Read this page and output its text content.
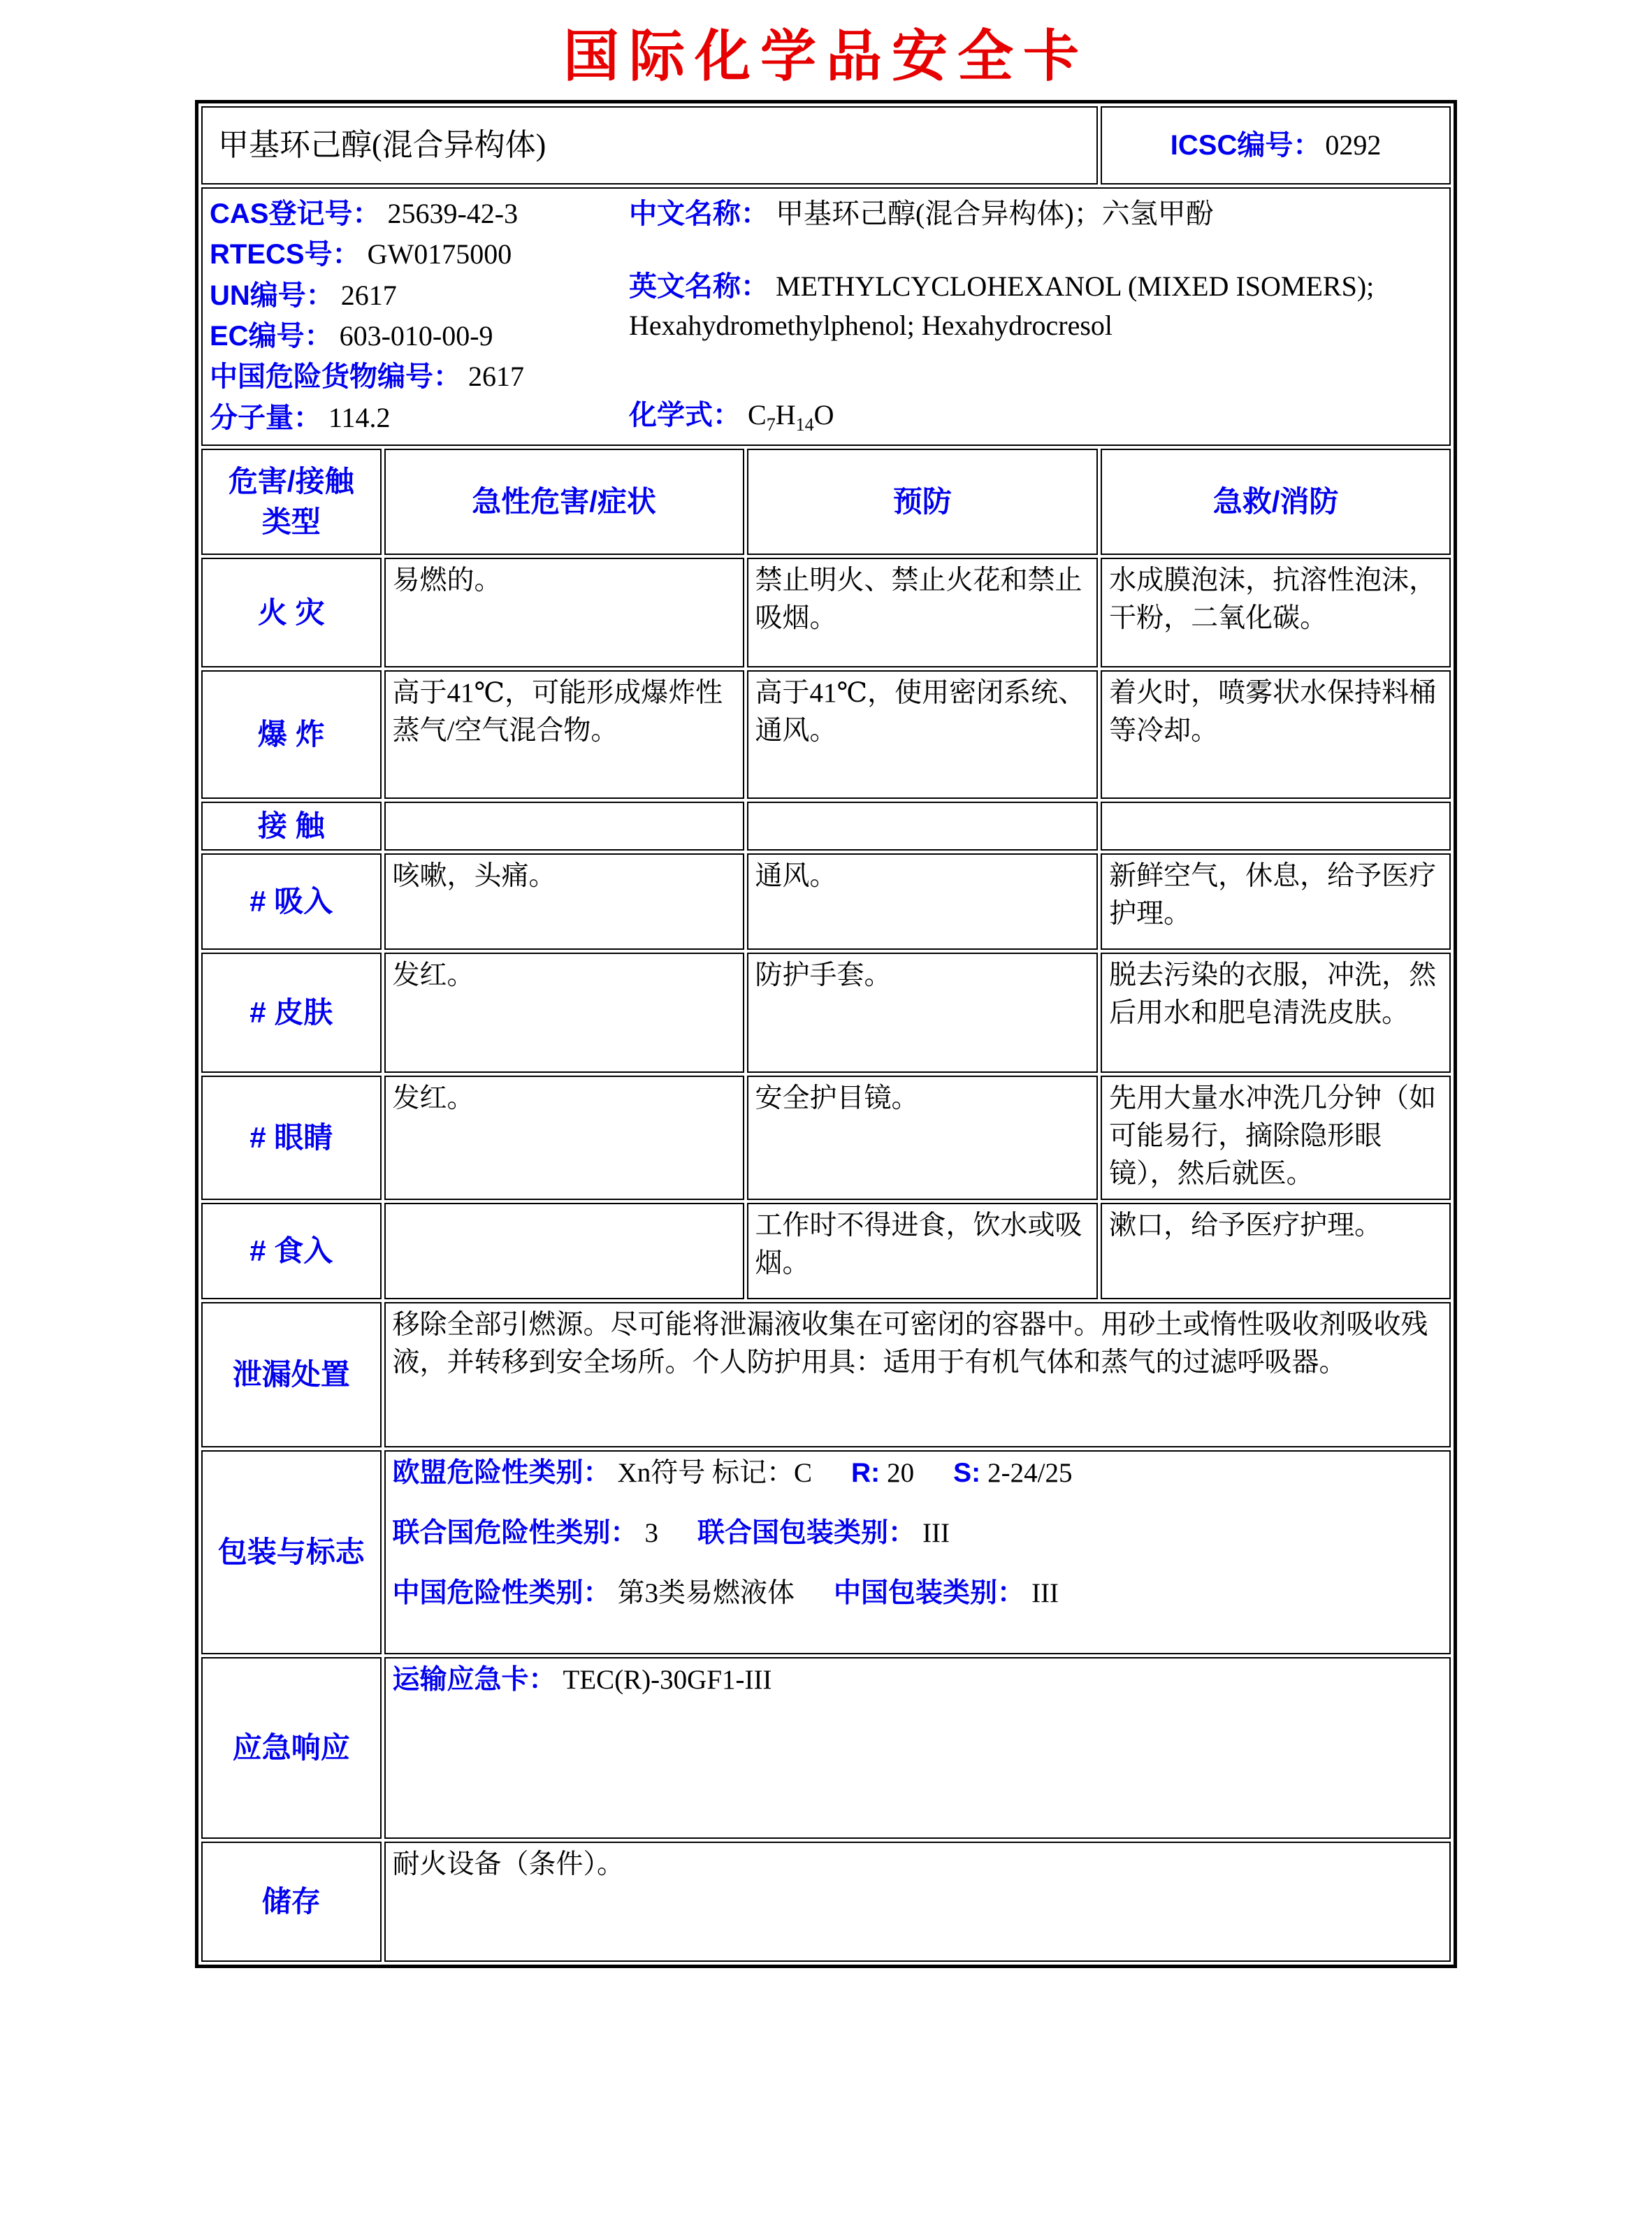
国际化学品安全卡
甲基环己醇(混合异构体)			ICSC编号： 0292

CAS登记号： 25639-42-3
RTECS号： GW0175000
UN编号： 2617
EC编号： 603-010-00-9
中国危险货物编号： 2617
分子量： 114.2
中文名称： 甲基环己醇(混合异构体)；六氢甲酚
英文名称： METHYLCYCLOHEXANOL (MIXED ISOMERS); Hexahydromethylphenol; Hexahydrocresol
化学式： $C_7H_{14}O$

危害/接触
类型	急性危害/症状	预防	急救/消防
火 灾	易燃的。	禁止明火、禁止火花和禁止吸烟。	水成膜泡沫，抗溶性泡沫，干粉，二氧化碳。
爆 炸	高于41℃，可能形成爆炸性蒸气/空气混合物。	高于41℃，使用密闭系统、通风。	着火时，喷雾状水保持料桶等冷却。
接 触			
# 吸入	咳嗽，头痛。	通风。	新鲜空气，休息，给予医疗护理。
# 皮肤	发红。	防护手套。	脱去污染的衣服，冲洗，然后用水和肥皂清洗皮肤。
# 眼睛	发红。	安全护目镜。	先用大量水冲洗几分钟（如可能易行，摘除隐形眼镜），然后就医。
# 食入		工作时不得进食，饮水或吸烟。	漱口，给予医疗护理。
泄漏处置	移除全部引燃源。尽可能将泄漏液收集在可密闭的容器中。用砂土或惰性吸收剂吸收残液，并转移到安全场所。个人防护用具：适用于有机气体和蒸气的过滤呼吸器。		
包装与标志	欧盟危险性类别： Xn符号 标记：C R: 20 S: 2-24/25
联合国危险性类别： 3 联合国包装类别： III
中国危险性类别： 第3类易燃液体 中国包装类别： III		

应急响应	运输应急卡： TEC(R)-30GF1-III		
储存	耐火设备（条件）。		
